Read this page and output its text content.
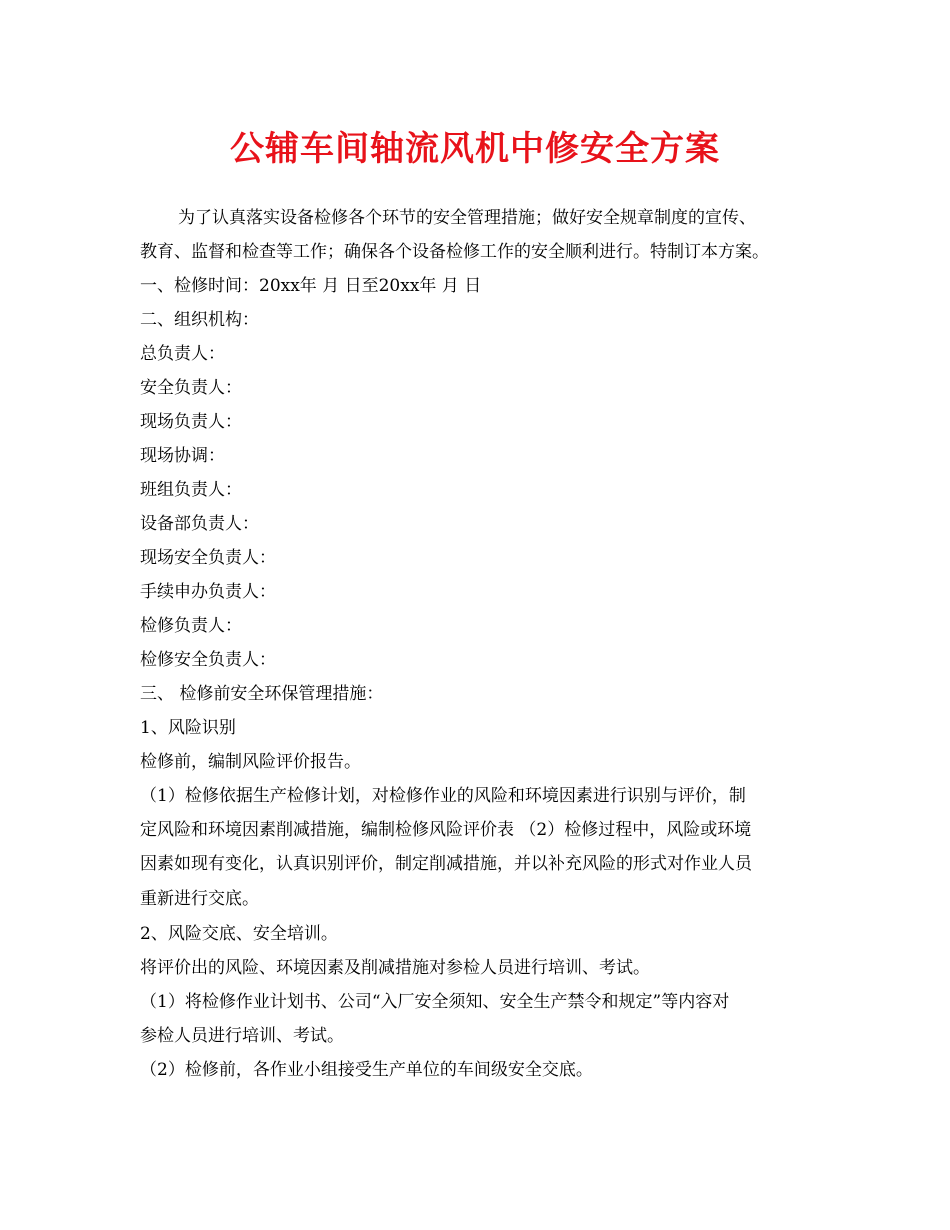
公辅车间轴流风机中修安全方案
为了认真落实设备检修各个环节的安全管理措施；做好安全规章制度的宣传、
教育、监督和检查等工作；确保各个设备检修工作的安全顺利进行。特制订本方案。
一、检修时间：20xx年 月 日至20xx年 月 日
二、组织机构：
总负责人：
安全负责人：
现场负责人：
现场协调：
班组负责人：
设备部负责人：
现场安全负责人：
手续申办负责人：
检修负责人：
检修安全负责人：
三、 检修前安全环保管理措施：
1、风险识别
检修前，编制风险评价报告。
（1）检修依据生产检修计划，对检修作业的风险和环境因素进行识别与评价，制
定风险和环境因素削减措施，编制检修风险评价表 （2）检修过程中，风险或环境
因素如现有变化，认真识别评价，制定削减措施，并以补充风险的形式对作业人员
重新进行交底。
2、风险交底、安全培训。
将评价出的风险、环境因素及削减措施对参检人员进行培训、考试。
（1）将检修作业计划书、公司“入厂安全须知、安全生产禁令和规定”等内容对
参检人员进行培训、考试。
（2）检修前，各作业小组接受生产单位的车间级安全交底。
